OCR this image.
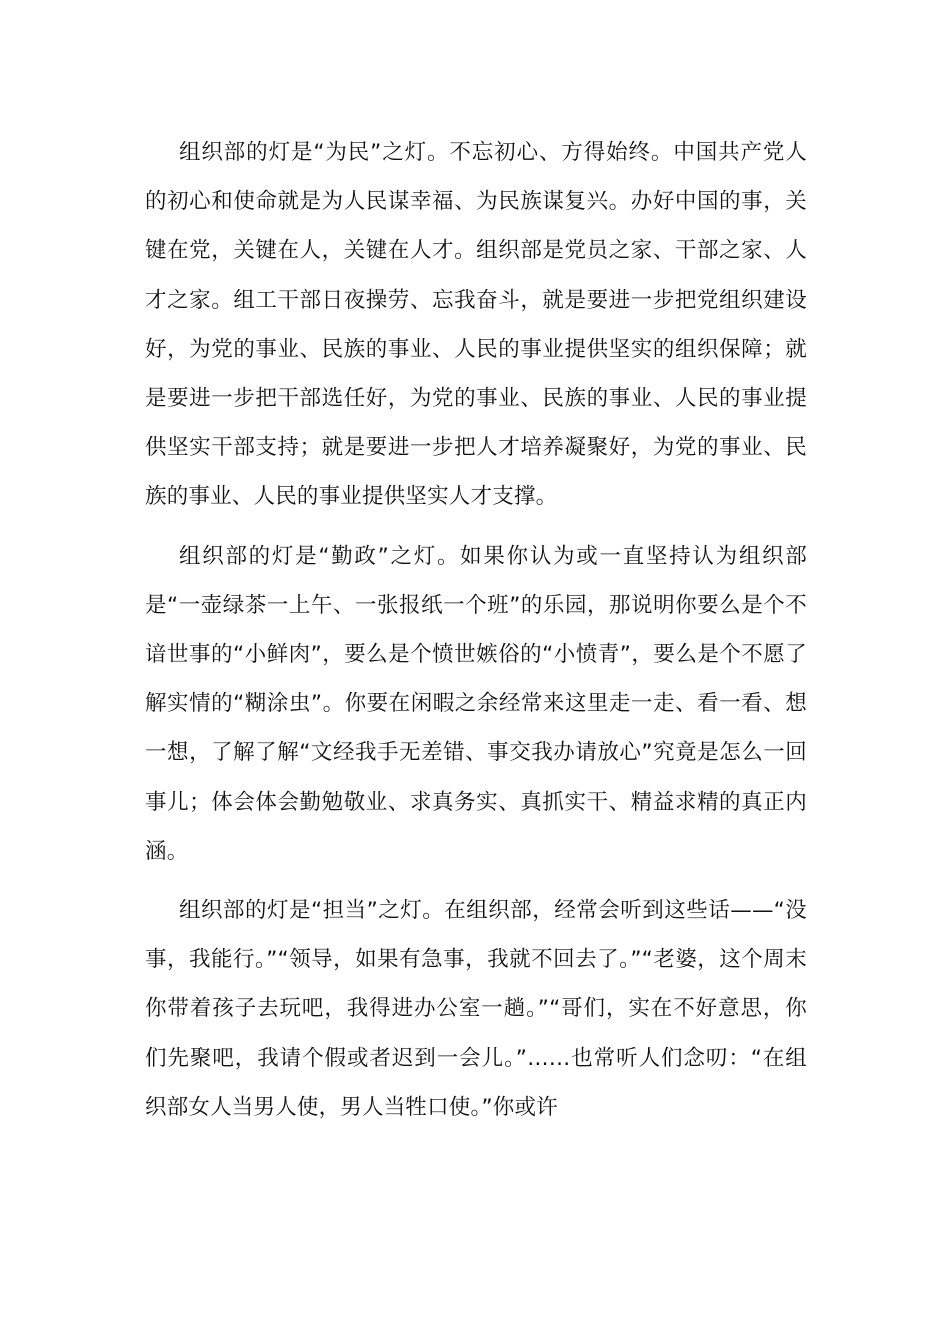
组织部的灯是“为民”之灯。不忘初心、方得始终。中国共产党人的初心和使命就是为人民谋幸福、为民族谋复兴。办好中国的事，关键在党，关键在人，关键在人才。组织部是党员之家、干部之家、人才之家。组工干部日夜操劳、忘我奋斗，就是要进一步把党组织建设好，为党的事业、民族的事业、人民的事业提供坚实的组织保障；就是要进一步把干部选任好，为党的事业、民族的事业、人民的事业提供坚实干部支持；就是要进一步把人才培养凝聚好，为党的事业、民族的事业、人民的事业提供坚实人才支撑。

组织部的灯是“勤政”之灯。如果你认为或一直坚持认为组织部是“一壶绿茶一上午、一张报纸一个班”的乐园，那说明你要么是个不谙世事的“小鲜肉”，要么是个愤世嫉俗的“小愤青”，要么是个不愿了解实情的“糊涂虫”。你要在闲暇之余经常来这里走一走、看一看、想一想，了解了解“文经我手无差错、事交我办请放心”究竟是怎么一回事儿；体会体会勤勉敬业、求真务实、真抓实干、精益求精的真正内涵。

组织部的灯是“担当”之灯。在组织部，经常会听到这些话——“没事，我能行。”“领导，如果有急事，我就不回去了。”“老婆，这个周末你带着孩子去玩吧，我得进办公室一趟。”“哥们，实在不好意思，你们先聚吧，我请个假或者迟到一会儿。”……也常听人们念叨：“在组织部女人当男人使，男人当牲口使。”你或许
